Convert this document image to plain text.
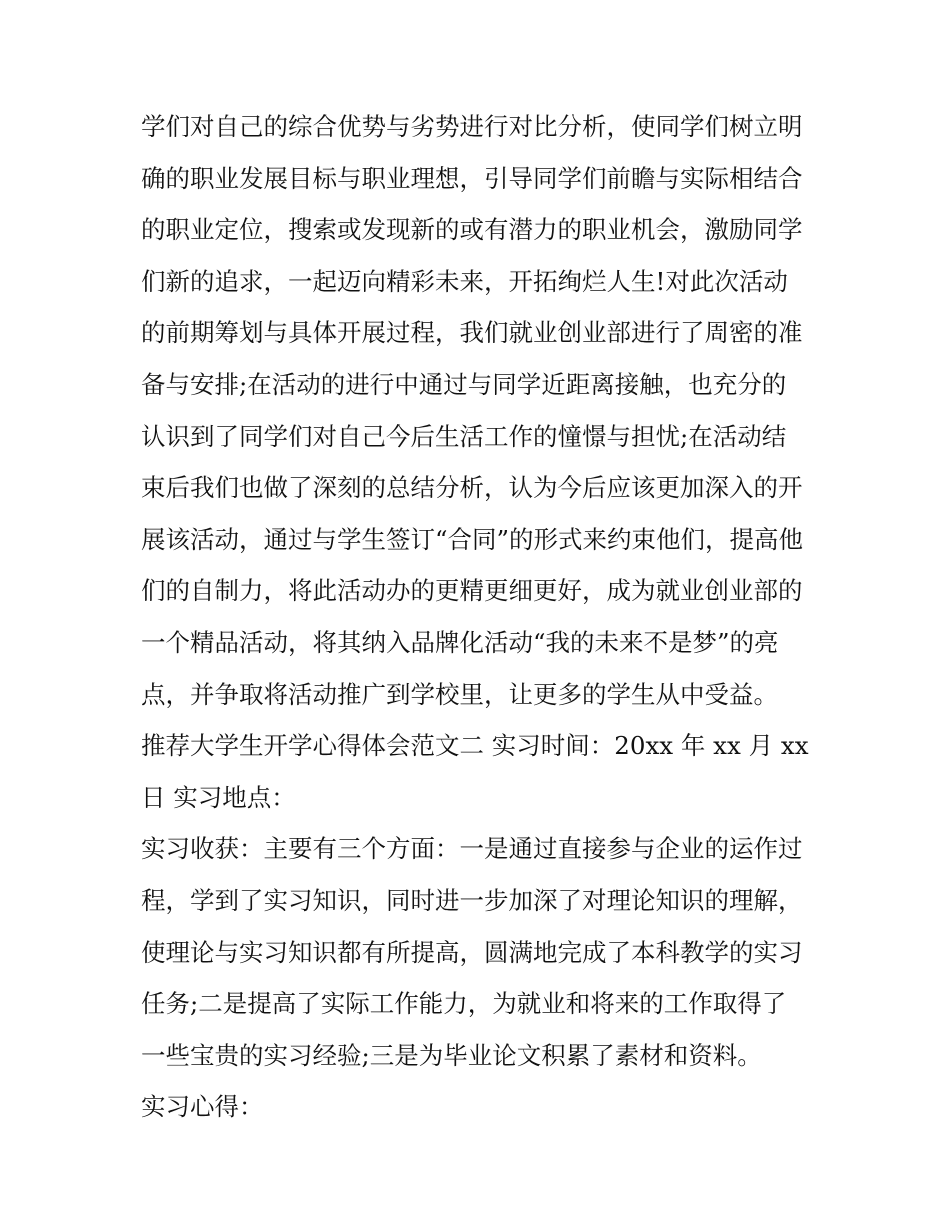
学们对自己的综合优势与劣势进行对比分析，使同学们树立明
确的职业发展目标与职业理想，引导同学们前瞻与实际相结合
的职业定位，搜索或发现新的或有潜力的职业机会，激励同学
们新的追求，一起迈向精彩未来，开拓绚烂人生!对此次活动
的前期筹划与具体开展过程，我们就业创业部进行了周密的准
备与安排;在活动的进行中通过与同学近距离接触，也充分的
认识到了同学们对自己今后生活工作的憧憬与担忧;在活动结
束后我们也做了深刻的总结分析，认为今后应该更加深入的开
展该活动，通过与学生签订“合同”的形式来约束他们，提高他
们的自制力，将此活动办的更精更细更好，成为就业创业部的
一个精品活动，将其纳入品牌化活动“我的未来不是梦”的亮
点，并争取将活动推广到学校里，让更多的学生从中受益。
推荐大学生开学心得体会范文二 实习时间：20xx 年 xx 月 xx
日 实习地点：
实习收获：主要有三个方面：一是通过直接参与企业的运作过
程，学到了实习知识，同时进一步加深了对理论知识的理解，
使理论与实习知识都有所提高，圆满地完成了本科教学的实习
任务;二是提高了实际工作能力，为就业和将来的工作取得了
一些宝贵的实习经验;三是为毕业论文积累了素材和资料。
实习心得：
